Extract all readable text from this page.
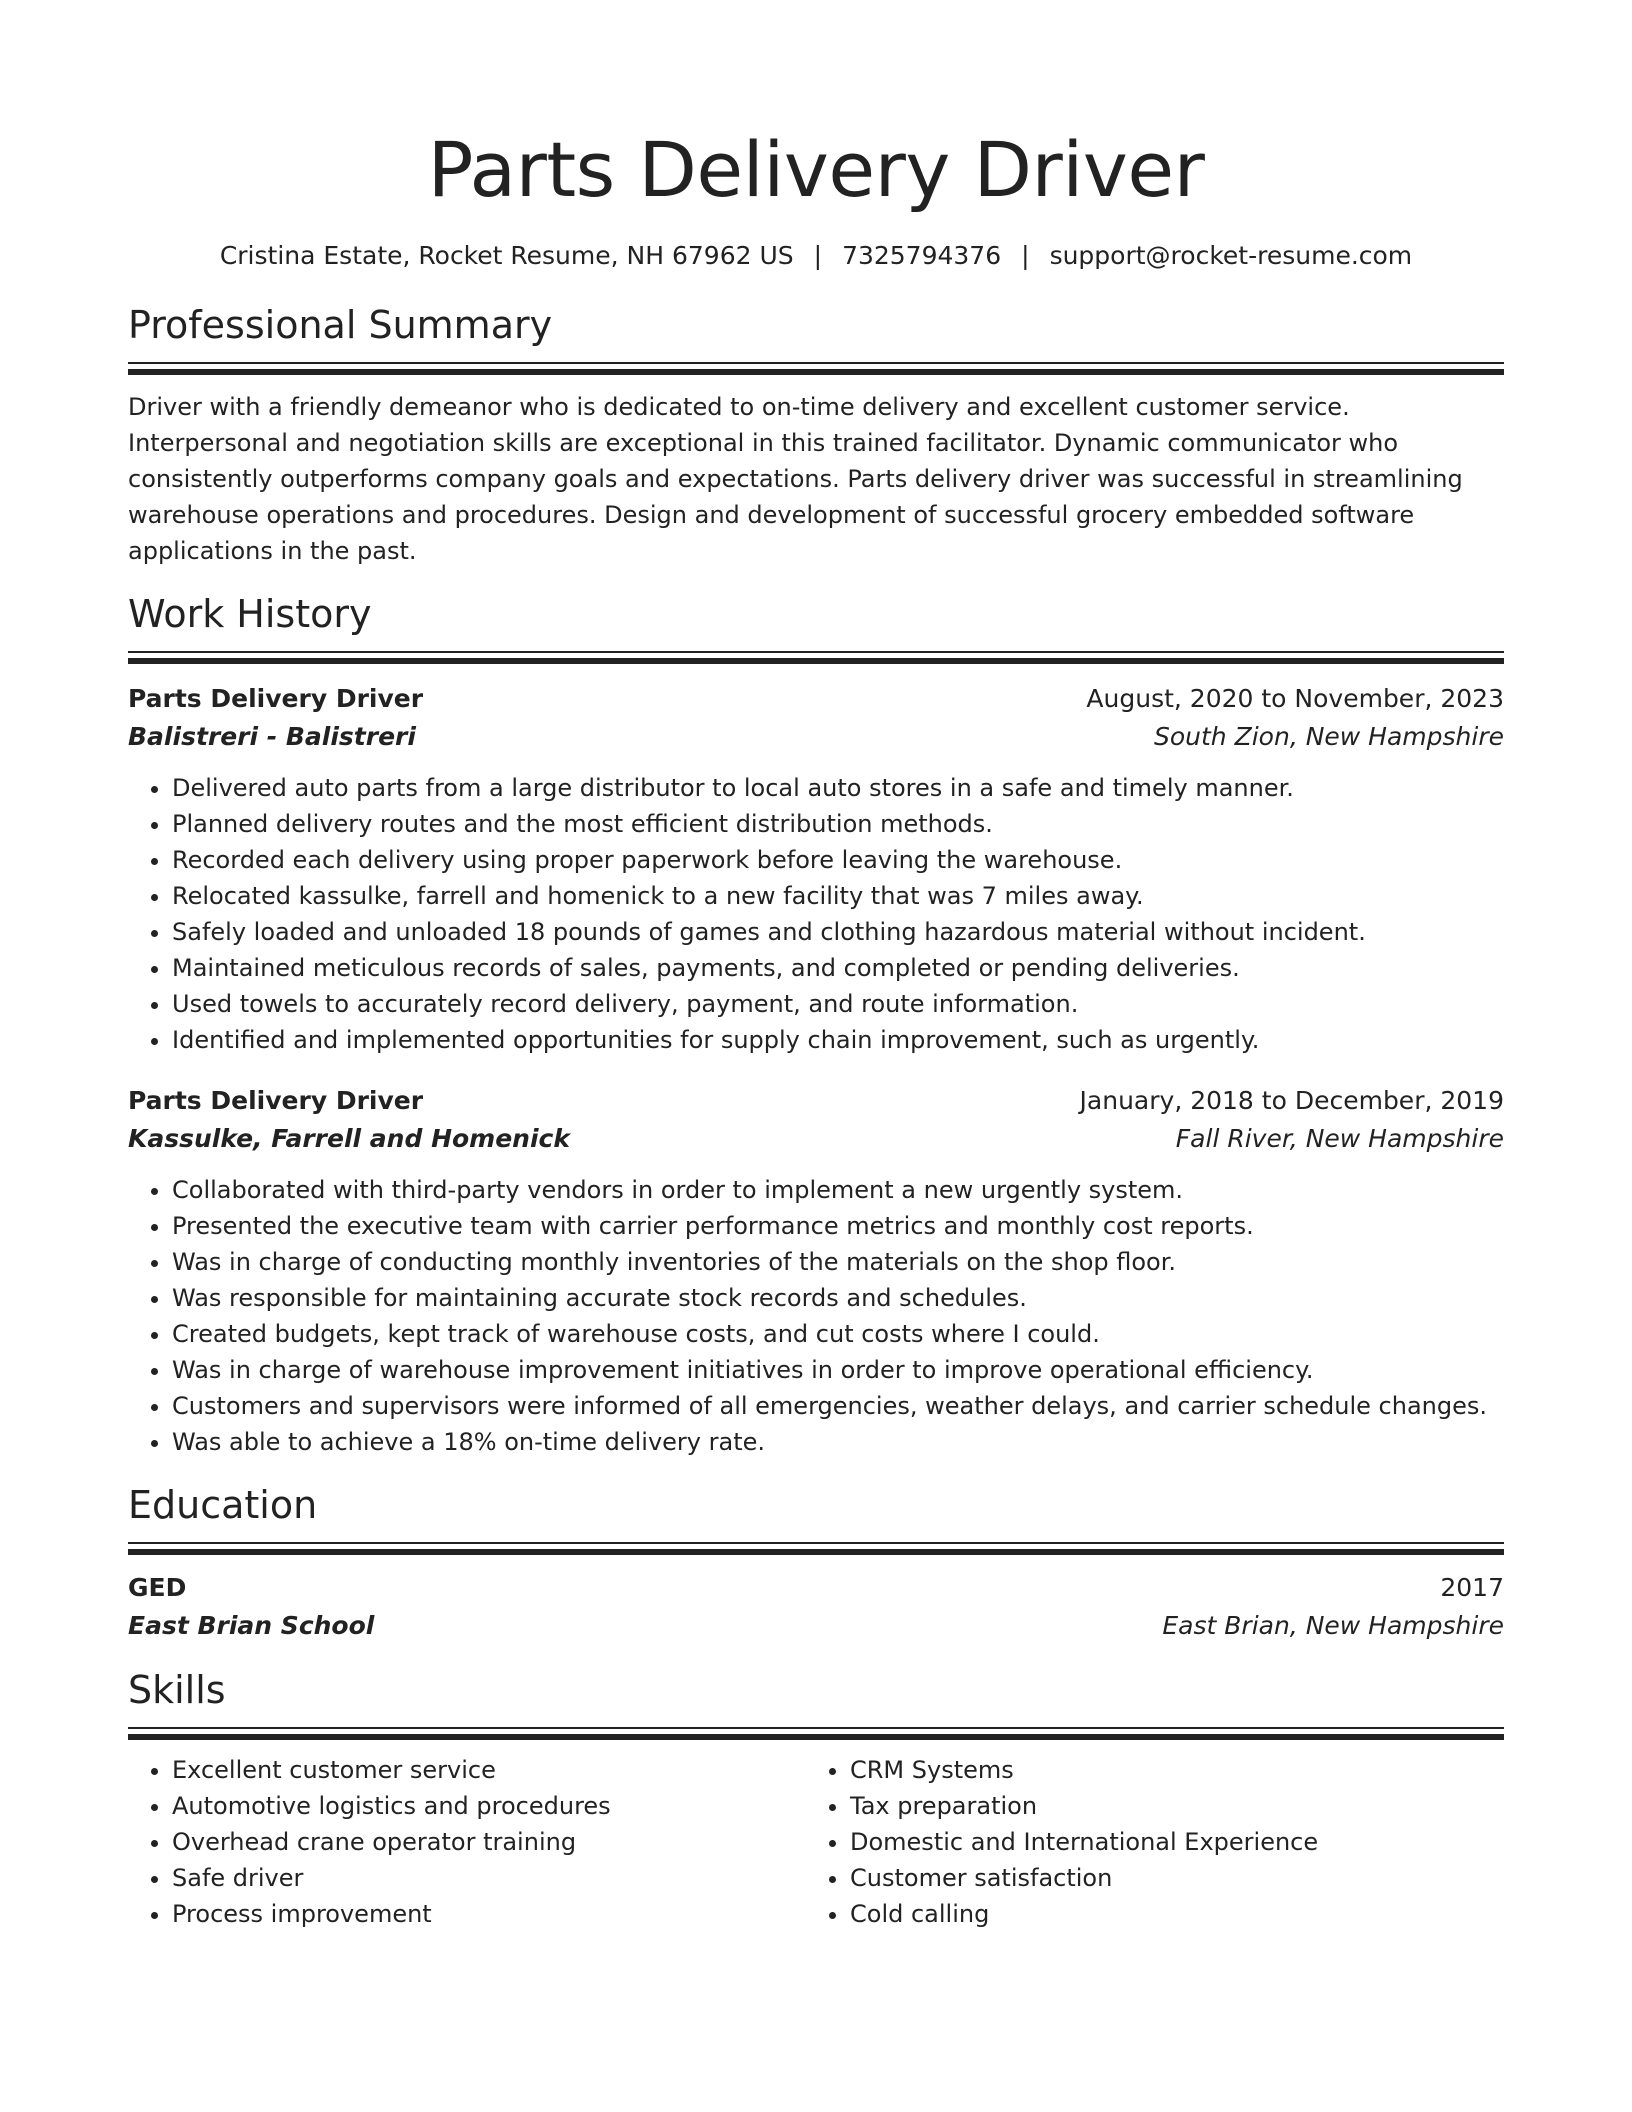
Parts Delivery Driver
Cristina Estate, Rocket Resume, NH 67962 US | 7325794376 | support@rocket-resume.com
Professional Summary
Driver with a friendly demeanor who is dedicated to on-time delivery and excellent customer service. Interpersonal and negotiation skills are exceptional in this trained facilitator. Dynamic communicator who consistently outperforms company goals and expectations. Parts delivery driver was successful in streamlining warehouse operations and procedures. Design and development of successful grocery embedded software applications in the past.
Work History
Parts Delivery Driver	August, 2020 to November, 2023
Balistreri - Balistreri	South Zion, New Hampshire
• Delivered auto parts from a large distributor to local auto stores in a safe and timely manner.
• Planned delivery routes and the most efficient distribution methods.
• Recorded each delivery using proper paperwork before leaving the warehouse.
• Relocated kassulke, farrell and homenick to a new facility that was 7 miles away.
• Safely loaded and unloaded 18 pounds of games and clothing hazardous material without incident.
• Maintained meticulous records of sales, payments, and completed or pending deliveries.
• Used towels to accurately record delivery, payment, and route information.
• Identified and implemented opportunities for supply chain improvement, such as urgently.
Parts Delivery Driver	January, 2018 to December, 2019
Kassulke, Farrell and Homenick	Fall River, New Hampshire
• Collaborated with third-party vendors in order to implement a new urgently system.
• Presented the executive team with carrier performance metrics and monthly cost reports.
• Was in charge of conducting monthly inventories of the materials on the shop floor.
• Was responsible for maintaining accurate stock records and schedules.
• Created budgets, kept track of warehouse costs, and cut costs where I could.
• Was in charge of warehouse improvement initiatives in order to improve operational efficiency.
• Customers and supervisors were informed of all emergencies, weather delays, and carrier schedule changes.
• Was able to achieve a 18% on-time delivery rate.
Education
GED	2017
East Brian School	East Brian, New Hampshire
Skills
• Excellent customer service
• Automotive logistics and procedures
• Overhead crane operator training
• Safe driver
• Process improvement
• CRM Systems
• Tax preparation
• Domestic and International Experience
• Customer satisfaction
• Cold calling
